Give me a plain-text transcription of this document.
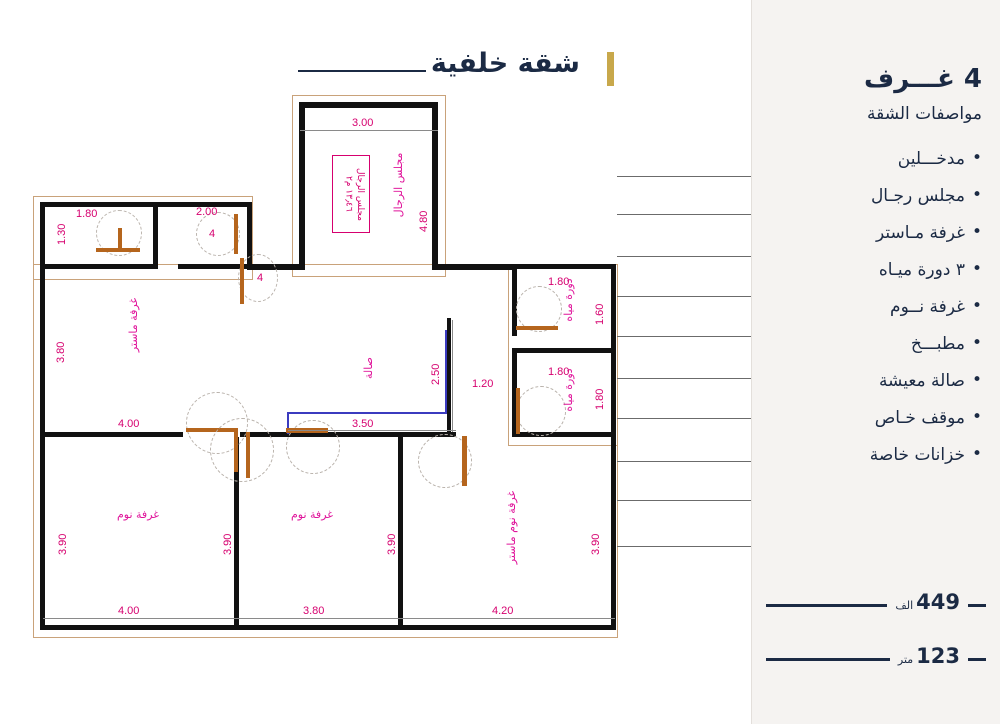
شقة خلفية
مجلس الرجال ١٣٫٤٦ م٢	مجلس الرجال
غرفة ماستر
صالة
غرفة نوم	غرفة نوم	غرفة نوم ماستر
دورة مياه
دورة مياه
3.00
4.80
1.80	2.00
1.30
3.80
4.00
3.90
4.00
3.90
3.80
3.90
4.20
3.90
3.50
2.50	1.20
1.80
1.60
1.80
1.80
4
4
4 غـــرف
مواصفات الشقة
•
مدخـــلين
•
مجلس رجـال
•
غرفة مـاستر
•
٣ دورة ميـاه
•
غرفة نــوم
•
مطبـــخ
•
صالة معيشة
•
موقف خـاص
•
خزانات خاصة
449الف
123متر
